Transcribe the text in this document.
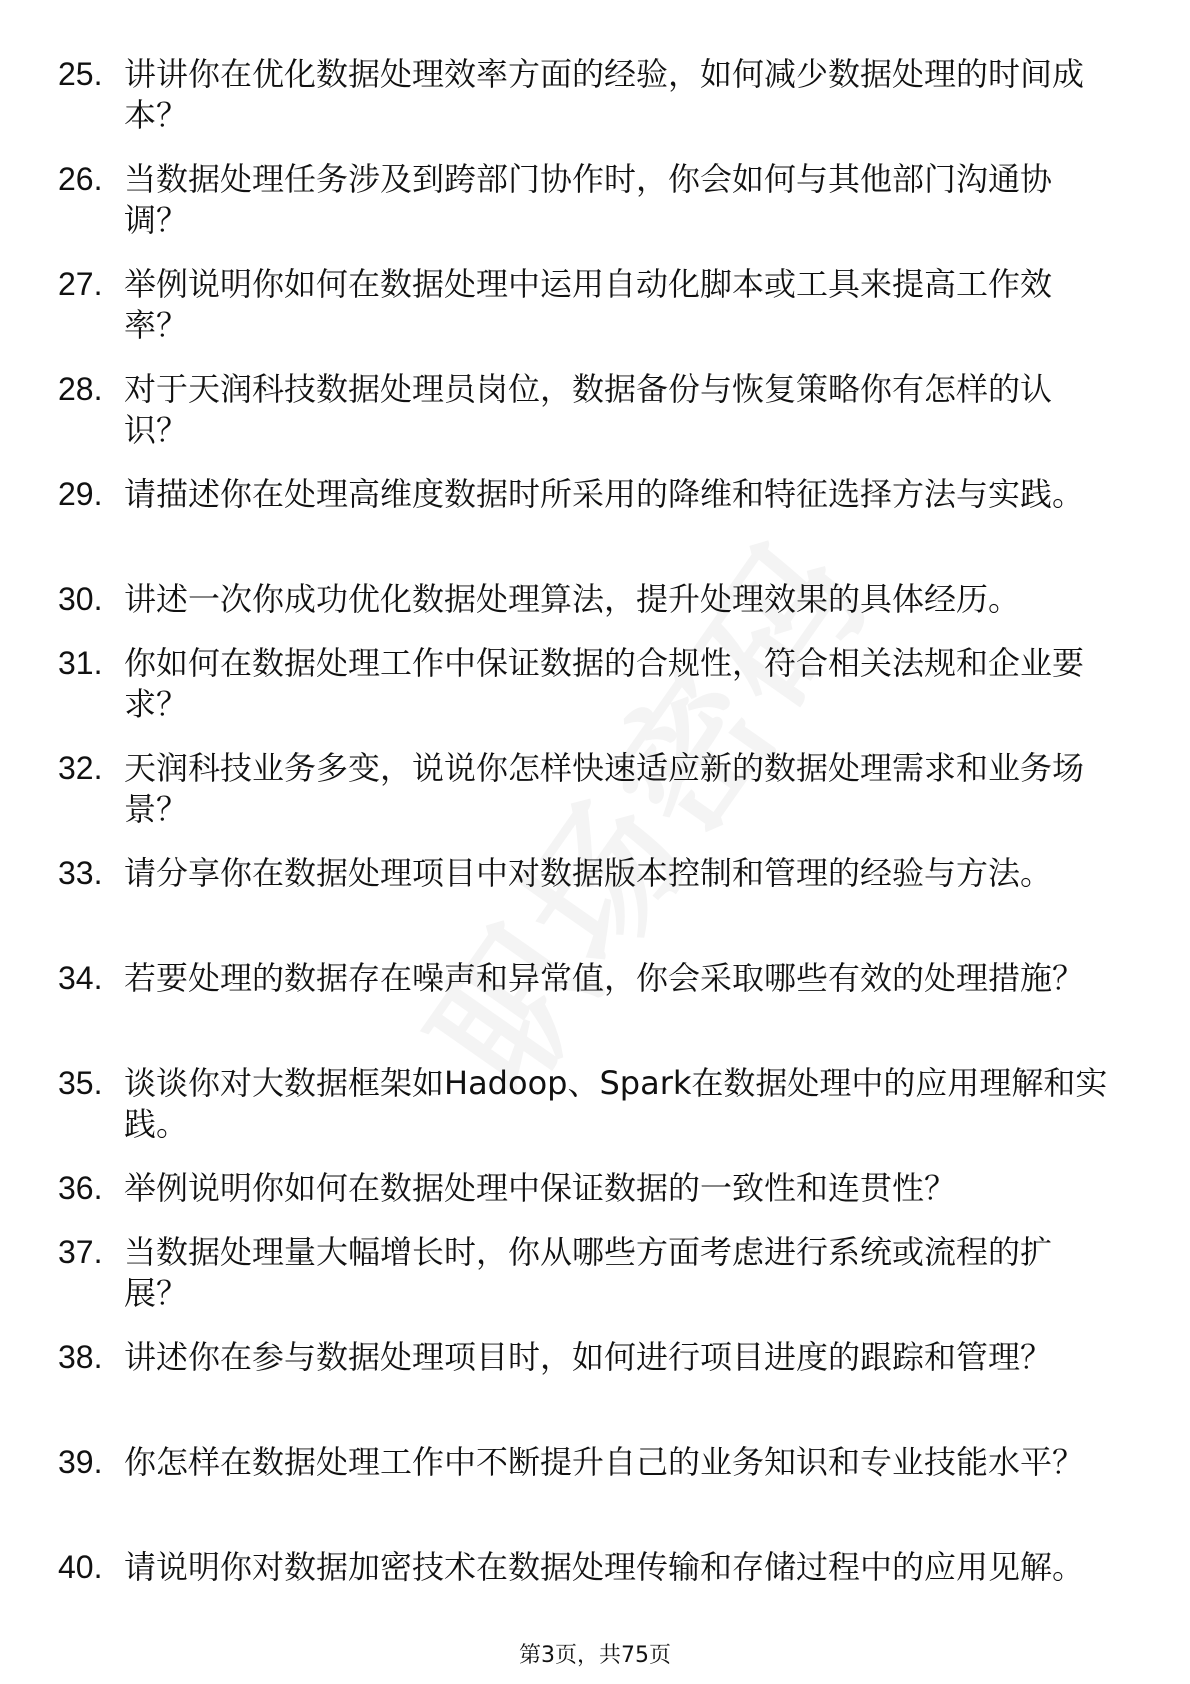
25. 讲讲你在优化数据处理效率方面的经验，如何减少数据处理的时间成本？
26. 当数据处理任务涉及到跨部门协作时，你会如何与其他部门沟通协调？
27. 举例说明你如何在数据处理中运用自动化脚本或工具来提高工作效率？
28. 对于天润科技数据处理员岗位，数据备份与恢复策略你有怎样的认识？
29. 请描述你在处理高维度数据时所采用的降维和特征选择方法与实践。
30. 讲述一次你成功优化数据处理算法，提升处理效果的具体经历。
31. 你如何在数据处理工作中保证数据的合规性，符合相关法规和企业要求？
32. 天润科技业务多变，说说你怎样快速适应新的数据处理需求和业务场景？
33. 请分享你在数据处理项目中对数据版本控制和管理的经验与方法。
34. 若要处理的数据存在噪声和异常值，你会采取哪些有效的处理措施？
35. 谈谈你对大数据框架如Hadoop、Spark在数据处理中的应用理解和实践。
36. 举例说明你如何在数据处理中保证数据的一致性和连贯性？
37. 当数据处理量大幅增长时，你从哪些方面考虑进行系统或流程的扩展？
38. 讲述你在参与数据处理项目时，如何进行项目进度的跟踪和管理？
39. 你怎样在数据处理工作中不断提升自己的业务知识和专业技能水平？
40. 请说明你对数据加密技术在数据处理传输和存储过程中的应用见解。
第3页，共75页
